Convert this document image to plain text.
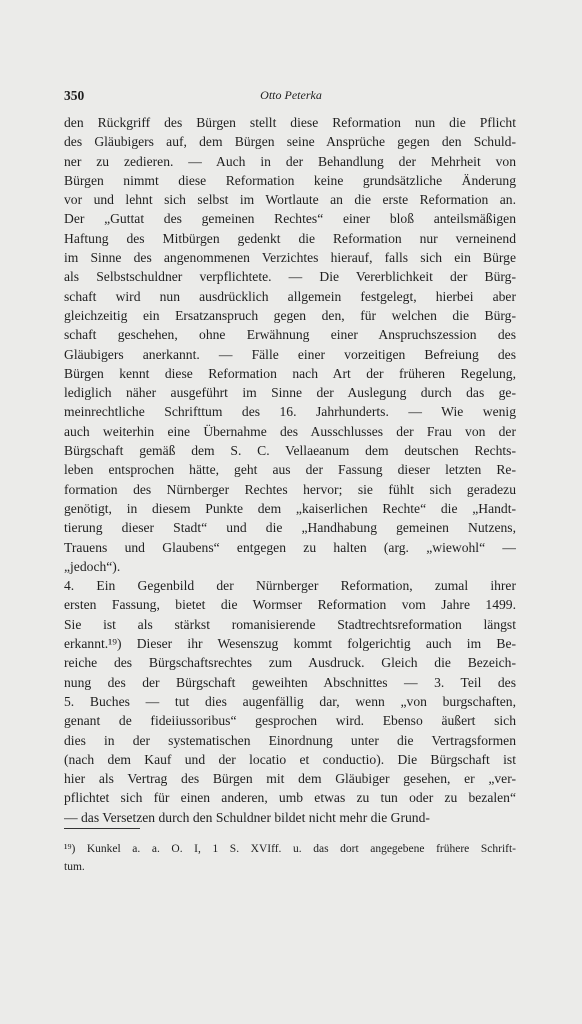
350	Otto Peterka
den Rückgriff des Bürgen stellt diese Reformation nun die Pflicht
des Gläubigers auf, dem Bürgen seine Ansprüche gegen den Schuld-
ner zu zedieren. — Auch in der Behandlung der Mehrheit von
Bürgen nimmt diese Reformation keine grundsätzliche Änderung
vor und lehnt sich selbst im Wortlaute an die erste Reformation an.
Der „Guttat des gemeinen Rechtes“ einer bloß anteilsmäßigen
Haftung des Mitbürgen gedenkt die Reformation nur verneinend
im Sinne des angenommenen Verzichtes hierauf, falls sich ein Bürge
als Selbstschuldner verpflichtete. — Die Vererblichkeit der Bürg-
schaft wird nun ausdrücklich allgemein festgelegt, hierbei aber
gleichzeitig ein Ersatzanspruch gegen den, für welchen die Bürg-
schaft geschehen, ohne Erwähnung einer Anspruchszession des
Gläubigers anerkannt. — Fälle einer vorzeitigen Befreiung des
Bürgen kennt diese Reformation nach Art der früheren Regelung,
lediglich näher ausgeführt im Sinne der Auslegung durch das ge-
meinrechtliche Schrifttum des 16. Jahrhunderts. — Wie wenig
auch weiterhin eine Übernahme des Ausschlusses der Frau von der
Bürgschaft gemäß dem S. C. Vellaeanum dem deutschen Rechts-
leben entsprochen hätte, geht aus der Fassung dieser letzten Re-
formation des Nürnberger Rechtes hervor; sie fühlt sich geradezu
genötigt, in diesem Punkte dem „kaiserlichen Rechte“ die „Handt-
tierung dieser Stadt“ und die „Handhabung gemeinen Nutzens,
Trauens und Glaubens“ entgegen zu halten (arg. „wiewohl“ —
„jedoch“).
4. Ein Gegenbild der Nürnberger Reformation, zumal ihrer
ersten Fassung, bietet die Wormser Reformation vom Jahre 1499.
Sie ist als stärkst romanisierende Stadtrechtsreformation längst
erkannt.¹⁹) Dieser ihr Wesenszug kommt folgerichtig auch im Be-
reiche des Bürgschaftsrechtes zum Ausdruck. Gleich die Bezeich-
nung des der Bürgschaft geweihten Abschnittes — 3. Teil des
5. Buches — tut dies augenfällig dar, wenn „von burgschaften,
genant de fideiiussoribus“ gesprochen wird. Ebenso äußert sich
dies in der systematischen Einordnung unter die Vertragsformen
(nach dem Kauf und der locatio et conductio). Die Bürgschaft ist
hier als Vertrag des Bürgen mit dem Gläubiger gesehen, er „ver-
pflichtet sich für einen anderen, umb etwas zu tun oder zu bezalen“
— das Versetzen durch den Schuldner bildet nicht mehr die Grund-
¹⁹) Kunkel a. a. O. I, 1 S. XVIff. u. das dort angegebene frühere Schrift-
tum.
